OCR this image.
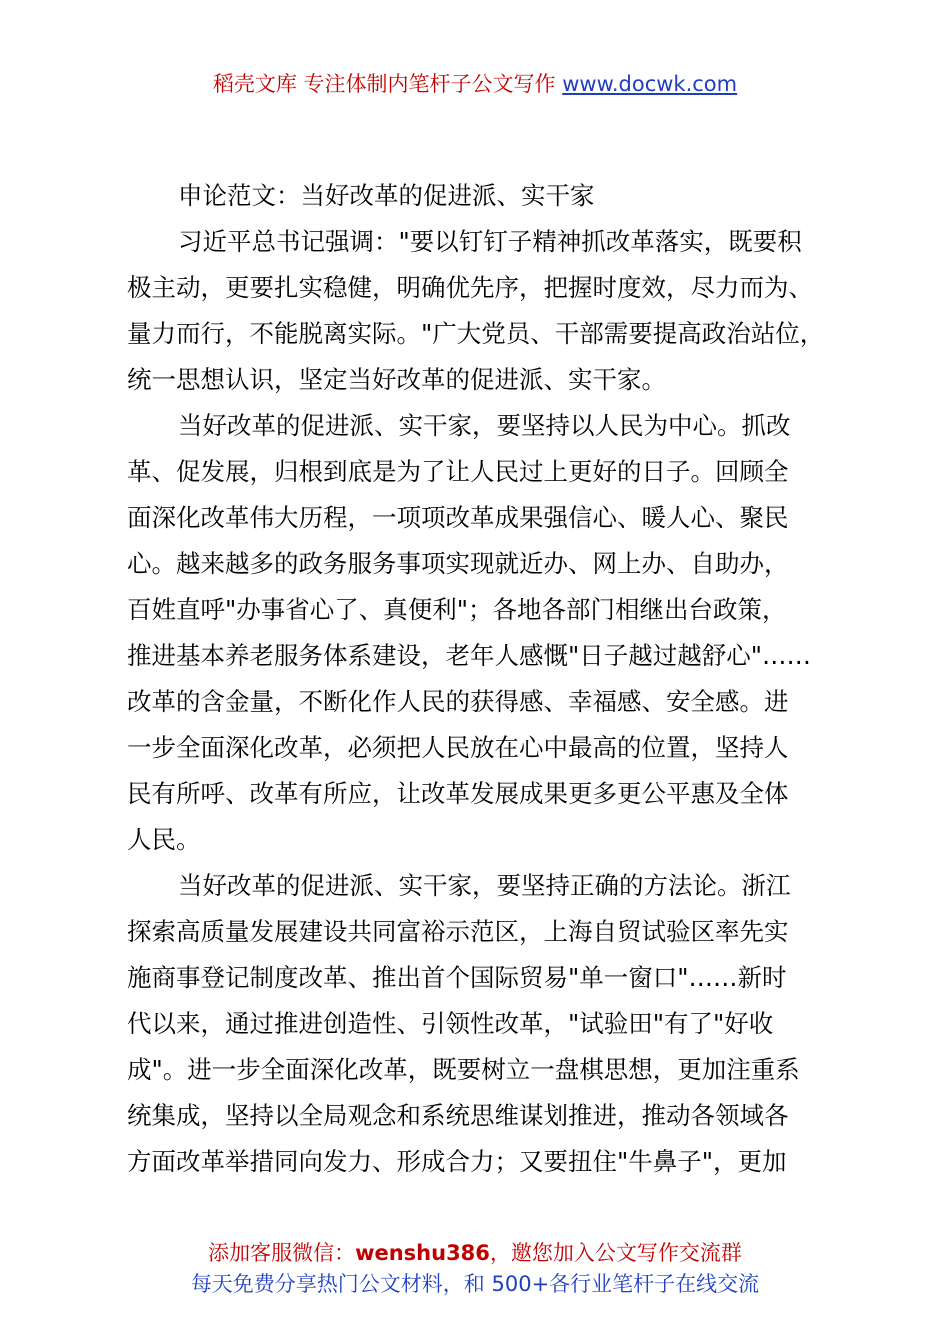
稻壳文库 专注体制内笔杆子公文写作 www.docwk.com
申论范文：当好改革的促进派、实干家
习近平总书记强调："要以钉钉子精神抓改革落实，既要积
极主动，更要扎实稳健，明确优先序，把握时度效，尽力而为、
量力而行，不能脱离实际。"广大党员、干部需要提高政治站位，
统一思想认识，坚定当好改革的促进派、实干家。
当好改革的促进派、实干家，要坚持以人民为中心。抓改
革、促发展，归根到底是为了让人民过上更好的日子。回顾全
面深化改革伟大历程，一项项改革成果强信心、暖人心、聚民
心。越来越多的政务服务事项实现就近办、网上办、自助办，
百姓直呼"办事省心了、真便利"；各地各部门相继出台政策，
推进基本养老服务体系建设，老年人感慨"日子越过越舒心"……
改革的含金量，不断化作人民的获得感、幸福感、安全感。进
一步全面深化改革，必须把人民放在心中最高的位置，坚持人
民有所呼、改革有所应，让改革发展成果更多更公平惠及全体
人民。
当好改革的促进派、实干家，要坚持正确的方法论。浙江
探索高质量发展建设共同富裕示范区，上海自贸试验区率先实
施商事登记制度改革、推出首个国际贸易"单一窗口"……新时
代以来，通过推进创造性、引领性改革，"试验田"有了"好收
成"。进一步全面深化改革，既要树立一盘棋思想，更加注重系
统集成，坚持以全局观念和系统思维谋划推进，推动各领域各
方面改革举措同向发力、形成合力；又要扭住"牛鼻子"，更加
添加客服微信：wenshu386，邀您加入公文写作交流群
每天免费分享热门公文材料，和 500+各行业笔杆子在线交流
